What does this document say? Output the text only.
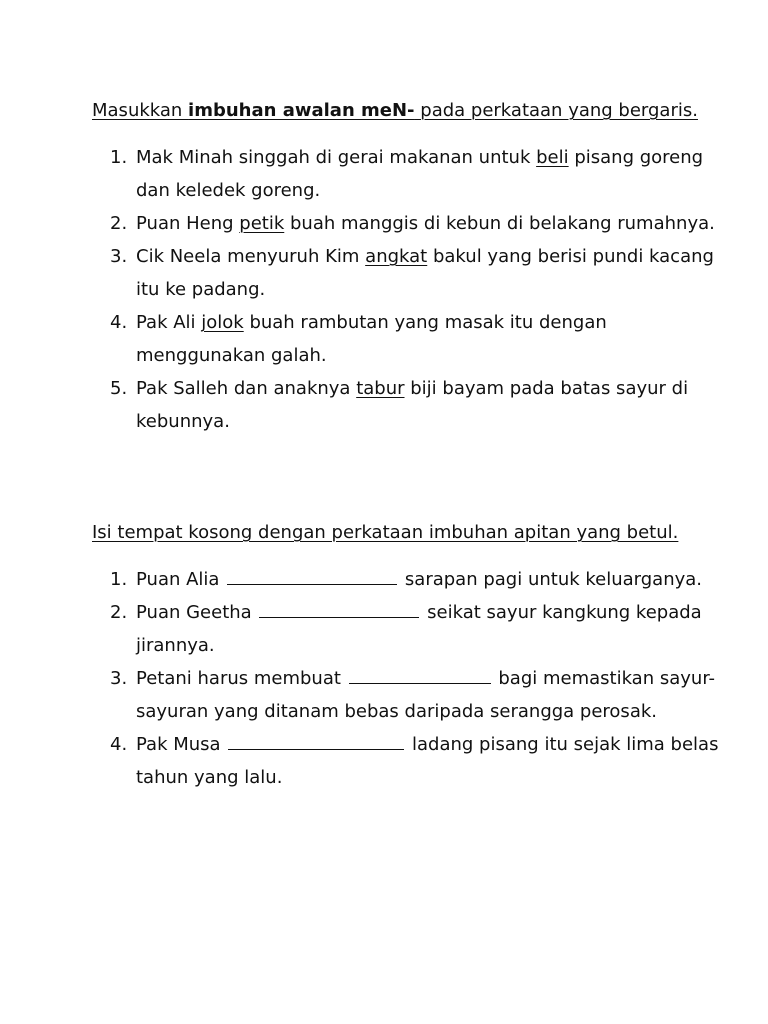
Masukkan imbuhan awalan meN- pada perkataan yang bergaris.

1. Mak Minah singgah di gerai makanan untuk beli pisang goreng dan keledek goreng.
2. Puan Heng petik buah manggis di kebun di belakang rumahnya.
3. Cik Neela menyuruh Kim angkat bakul yang berisi pundi kacang itu ke padang.
4. Pak Ali jolok buah rambutan yang masak itu dengan menggunakan galah.
5. Pak Salleh dan anaknya tabur biji bayam pada batas sayur di kebunnya.

Isi tempat kosong dengan perkataan imbuhan apitan yang betul.

1. Puan Alia	sarapan pagi untuk keluarganya.
2. Puan Geetha	seikat sayur kangkung kepada jirannya.
3. Petani harus membuat	bagi memastikan sayur-sayuran yang ditanam bebas daripada serangga perosak.
4. Pak Musa	ladang pisang itu sejak lima belas tahun yang lalu.
